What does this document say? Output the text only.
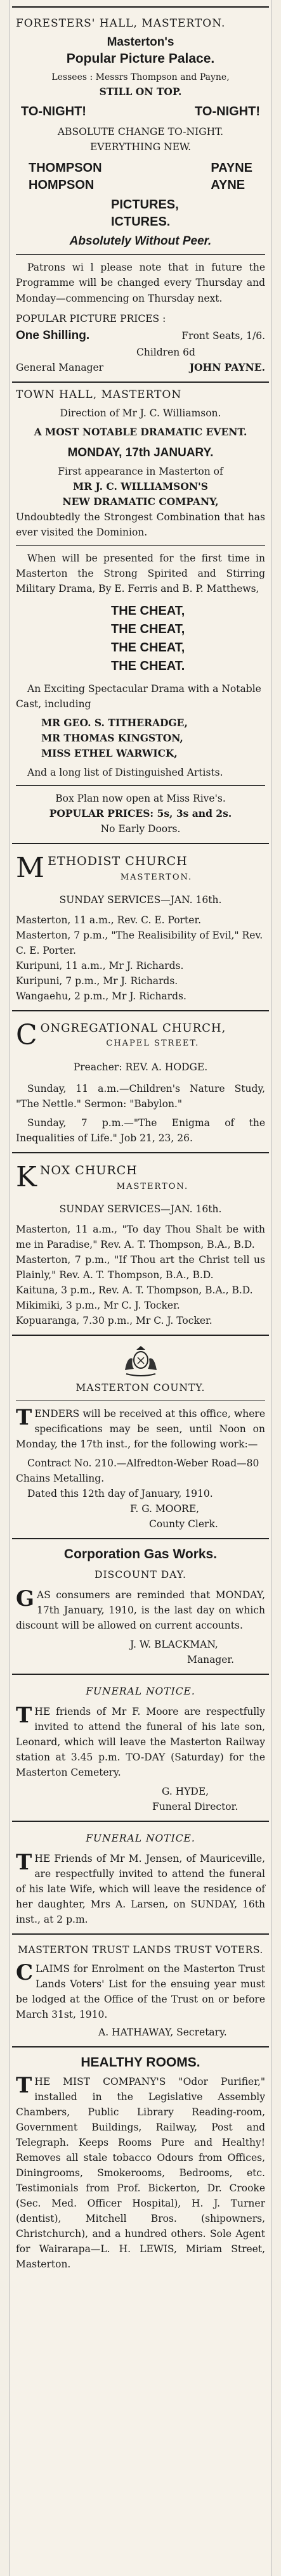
FORESTERS' HALL, MASTERTON.

Masterton's

Popular Picture Palace.

Lessees : Messrs Thompson and Payne,

STILL ON TOP.

TO-NIGHT!	TO-NIGHT!

ABSOLUTE CHANGE TO-NIGHT.

EVERYTHING NEW.

THOMPSON

HOMPSON

PAYNE

AYNE

PICTURES,

ICTURES.

Absolutely Without Peer.

Patrons wi l please note that in future the Programme will be changed every Thursday and Monday—commencing on Thursday next.

POPULAR PICTURE PRICES :

One Shilling.	Front Seats, 1/6.

Children 6d

General Manager	JOHN PAYNE.
TOWN HALL, MASTERTON

Direction of Mr J. C. Williamson.

A MOST NOTABLE DRAMATIC EVENT.

MONDAY, 17th JANUARY.

First appearance in Masterton of

MR J. C. WILLIAMSON'S

NEW DRAMATIC COMPANY,

Undoubtedly the Strongest Combination that has ever visited the Dominion.

When will be presented for the first time in Masterton the Strong Spirited and Stirring Military Drama, By E. Ferris and B. P. Matthews,

THE CHEAT,

THE CHEAT,

THE CHEAT,

THE CHEAT.

An Exciting Spectacular Drama with a Notable Cast, including

MR GEO. S. TITHERADGE,

MR THOMAS KINGSTON,

MISS ETHEL WARWICK,

And a long list of Distinguished Artists.

Box Plan now open at Miss Rive's.

POPULAR PRICES: 5s, 3s and 2s.

No Early Doors.

M ETHODIST CHURCH
MASTERTON.

SUNDAY SERVICES—JAN. 16th.

Masterton, 11 a.m., Rev. C. E. Porter.

Masterton, 7 p.m., "The Realisibility of Evil," Rev. C. E. Porter.

Kuripuni, 11 a.m., Mr J. Richards.

Kuripuni, 7 p.m., Mr J. Richards.

Wangaehu, 2 p.m., Mr J. Richards.

C ONGREGATIONAL CHURCH,
CHAPEL STREET.

Preacher: REV. A. HODGE.

Sunday, 11 a.m.—Children's Nature Study, "The Nettle." Sermon: "Babylon."

Sunday, 7 p.m.—"The Enigma of the Inequalities of Life." Job 21, 23, 26.

K NOX CHURCH
MASTERTON.

SUNDAY SERVICES—JAN. 16th.

Masterton, 11 a.m., "To day Thou Shalt be with me in Paradise," Rev. A. T. Thompson, B.A., B.D.

Masterton, 7 p.m., "If Thou art the Christ tell us Plainly," Rev. A. T. Thompson, B.A., B.D.

Kaituna, 3 p.m., Rev. A. T. Thompson, B.A., B.D.

Mikimiki, 3 p.m., Mr C. J. Tocker.

Kopuaranga, 7.30 p.m., Mr C. J. Tocker.

MASTERTON COUNTY.

TENDERS will be received at this office, where specifications may be seen, until Noon on Monday, the 17th inst., for the following work:—

Contract No. 210.—Alfredton-Weber Road—80 Chains Metalling.

Dated this 12th day of January, 1910.

F. G. MOORE,

County Clerk.

Corporation Gas Works.

DISCOUNT DAY.

GAS consumers are reminded that MONDAY, 17th January, 1910, is the last day on which discount will be allowed on current accounts.

J. W. BLACKMAN,

Manager.

FUNERAL NOTICE.

THE friends of Mr F. Moore are respectfully invited to attend the funeral of his late son, Leonard, which will leave the Masterton Railway station at 3.45 p.m. TO-DAY (Saturday) for the Masterton Cemetery.

G. HYDE,

Funeral Director.

FUNERAL NOTICE.

THE Friends of Mr M. Jensen, of Mauriceville, are respectfully invited to attend the funeral of his late Wife, which will leave the residence of her daughter, Mrs A. Larsen, on SUNDAY, 16th inst., at 2 p.m.

MASTERTON TRUST LANDS TRUST VOTERS.

CLAIMS for Enrolment on the Masterton Trust Lands Voters' List for the ensuing year must be lodged at the Office of the Trust on or before March 31st, 1910.

A. HATHAWAY, Secretary.

HEALTHY ROOMS.

THE MIST COMPANY'S "Odor Purifier," installed in the Legislative Assembly Chambers, Public Library Reading-room, Government Buildings, Railway, Post and Telegraph. Keeps Rooms Pure and Healthy! Removes all stale tobacco Odours from Offices, Diningrooms, Smokerooms, Bedrooms, etc. Testimonials from Prof. Bickerton, Dr. Crooke (Sec. Med. Officer Hospital), H. J. Turner (dentist), Mitchell Bros. (shipowners, Christchurch), and a hundred others. Sole Agent for Wairarapa—L. H. LEWIS, Miriam Street, Masterton.
